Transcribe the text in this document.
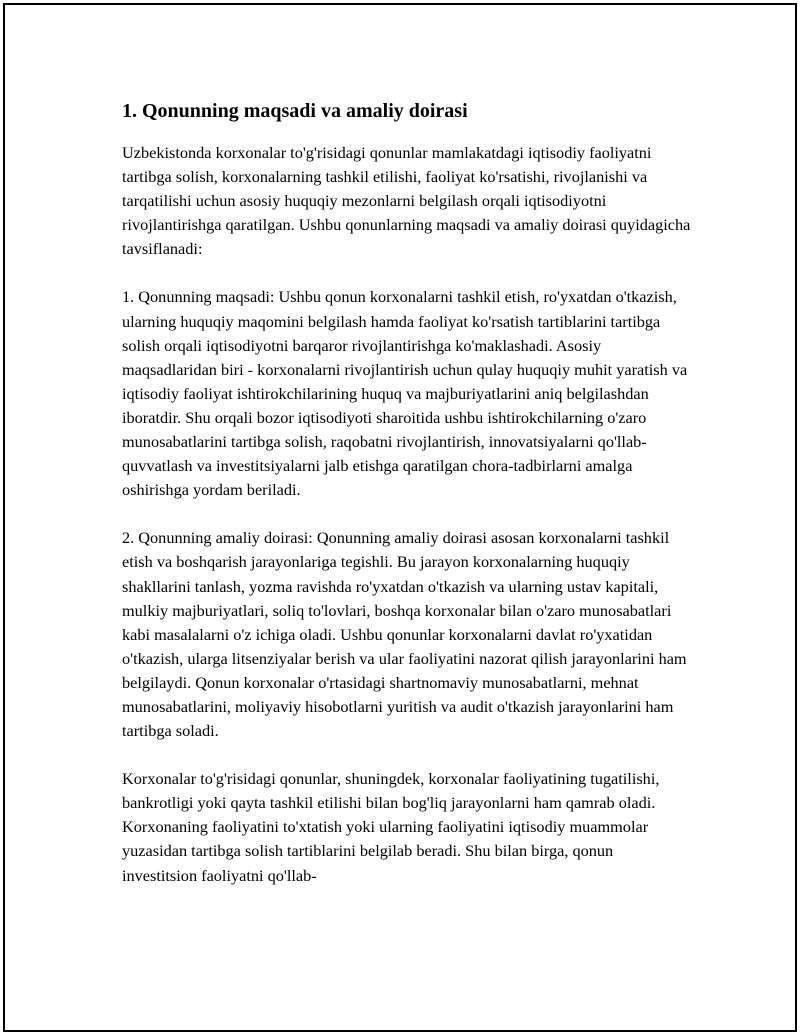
1. Qonunning maqsadi va amaliy doirasi

Uzbekistonda korxonalar to'g'risidagi qonunlar mamlakatdagi iqtisodiy faoliyatni tartibga solish, korxonalarning tashkil etilishi, faoliyat ko'rsatishi, rivojlanishi va tarqatilishi uchun asosiy huquqiy mezonlarni belgilash orqali iqtisodiyotni rivojlantirishga qaratilgan. Ushbu qonunlarning maqsadi va amaliy doirasi quyidagicha tavsiflanadi:

1. Qonunning maqsadi: Ushbu qonun korxonalarni tashkil etish, ro'yxatdan o'tkazish, ularning huquqiy maqomini belgilash hamda faoliyat ko'rsatish tartiblarini tartibga solish orqali iqtisodiyotni barqaror rivojlantirishga ko'maklashadi. Asosiy maqsadlaridan biri - korxonalarni rivojlantirish uchun qulay huquqiy muhit yaratish va iqtisodiy faoliyat ishtirokchilarining huquq va majburiyatlarini aniq belgilashdan iboratdir. Shu orqali bozor iqtisodiyoti sharoitida ushbu ishtirokchilarning o'zaro munosabatlarini tartibga solish, raqobatni rivojlantirish, innovatsiyalarni qo'llab-quvvatlash va investitsiyalarni jalb etishga qaratilgan chora-tadbirlarni amalga oshirishga yordam beriladi.

2. Qonunning amaliy doirasi: Qonunning amaliy doirasi asosan korxonalarni tashkil etish va boshqarish jarayonlariga tegishli. Bu jarayon korxonalarning huquqiy shakllarini tanlash, yozma ravishda ro'yxatdan o'tkazish va ularning ustav kapitali, mulkiy majburiyatlari, soliq to'lovlari, boshqa korxonalar bilan o'zaro munosabatlari kabi masalalarni o'z ichiga oladi. Ushbu qonunlar korxonalarni davlat ro'yxatidan o'tkazish, ularga litsenziyalar berish va ular faoliyatini nazorat qilish jarayonlarini ham belgilaydi. Qonun korxonalar o'rtasidagi shartnomaviy munosabatlarni, mehnat munosabatlarini, moliyaviy hisobotlarni yuritish va audit o'tkazish jarayonlarini ham tartibga soladi.

Korxonalar to'g'risidagi qonunlar, shuningdek, korxonalar faoliyatining tugatilishi, bankrotligi yoki qayta tashkil etilishi bilan bog'liq jarayonlarni ham qamrab oladi. Korxonaning faoliyatini to'xtatish yoki ularning faoliyatini iqtisodiy muammolar yuzasidan tartibga solish tartiblarini belgilab beradi. Shu bilan birga, qonun investitsion faoliyatni qo'llab-
